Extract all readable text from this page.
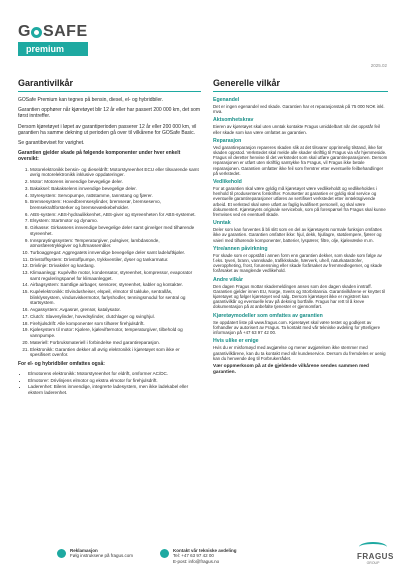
G SAFE
premium
2025.02
Garantivilkår

GOSafe Premium kan tegnes på bensin, diesel, el- og hybridbiler.

Garantien opphører når kjøretøyet blir 12 år eller har passert 200 000 km, det som først inntreffer.

Dersom kjøretøyet i løpet av garantiperioden passerer 12 år eller 200 000 km, vil garantien ha samme dekning ut perioden gå over til vilkårene for GOSafe Basic.

Se garantibeviset for varighet.

Garantien gjelder skade på følgende komponenter under hver enkelt oversikt:

1. Motorelektronikk bensin- og dieseldrift: Motorstyreenhet ECU eller tilsvarende samt øvrig motorelektronikk inklusive oppdateringer.
2. Motor: Motorens innvendige bevegelige deler.
3. Bakaksel: Bakakselens innvendige bevegelige deler.
4. Styresystem: Servopumpe, rattstamme, tannstang og fjærer.
5. Bremsesystem: Hovedbremsesylinder, bremserør, bremseservo, bremsekraftforsterker og bremsevæskebeholder.
6. ABS-system: ABS-hydraulikkenhet, ABS-giver og styreenheten for ABS-systemet.
7. Elsystem: Startmotor og dynamo.
8. Girkasse: Girkassens innvendige bevegelige deler samt girvelger med tilhørende styreenhet.
9. Innsprøytingssystem: Temperaturgiver, pulsgiver, lambdasonde, atmosfæretrykkgiver og luftmassemåler.
10. Turboaggregat: Aggregatets innvendige bevegelige deler samt ladeluftkjøler.
11. Drivstoffsystem: Drivstoffpumpe, trykkventiler, dyser og tankarmatur.
12. Drivlinje: Drivaksler og kardang.
13. Klimaanlegg: Kupévifte motor, kondensator, styreenhet, kompressor, evaporator samt reguleringspanel for klimaanlegget.
14. Airbagsystem: Samtlige airbager, sensorer, styreenhet, kabler og kontakter.
15. Kupéelektronikk: Elvindusheiser, elspeil, elmotor til taklukе, sentrallås, blinklyssystem, vindusviskermotor, farlyshodler, tenningsmodul for sentral og startsystem.
16. Avgassystem: Avgasrør, grenrør, katalysator.
17. Clutch: Slavesylinder, hovedsylinder, clutchlager og svinghjul.
18. Firehjulsdrift: Alle komponenter som tilhører firehjulsdrift.
19. Kjølesystem til motor: Kjølere, kjølevifternotor, temperaturgiver, tilbehold og vannpumpe.
20. Materiell: Forbruksmateriell i forbindelse med garantireparasjon.
21. Elektronikk: Garantien dekker all øvrig elektronikk i kjøretøyet som ikke er spesifisert ovenfor.

For el- og hybridbiler omfattes også:

• Elmotorens elektronikk: Motorstyreenhet for eldrift, omformer AC/DC.
• Elmotorer: Drivlinjens elmotor og ekstra elmotor for firehjulsdrift.
• Laderenhet: Bilens innvendige, integrerte ladesystem, men ikke ladekabel eller ekstern laderenhet.
Generelle vilkår
Egenandel

Det er ingen egenandel ved skade. Garantien har et reparasjonstak på 75 000 NOK inkl. mva.

Aktsomhetskrav

Eieren av kjøretøyet skal uten unntak kontakte Fragus umiddelbart når det oppstår feil eller skade som kan være omfattet av garantien.

Reparasjon

Ved garantireparasjon reparеres skaden slik at det tilsvarer opprinnelig tilstand, ikke før skaden oppstod. Verkstedet skal melde alle skader skriftlig til Fragus via vår hjemmeside. Fragus vil deretter henvise til det verkstedet som skal utføre garantireparasjonen. Dersom reparasjonen er utført uten skriftlig samtykke fra Fragus, vil Fragus ikke betale reparasjonen. Garantien omfatter ikke feil som fremtrer etter eventuelle feilbehandlinger på verkstedet.

Vedlikehold

For at garantien skal være gyldig må kjøretøyet være vedlikeholdt og vedlikeholdes i henhold til produsentens forskrifter. Forutsetter at garantien er gyldig skal service og eventuelle garantireparasjoner utføres av sertifisert verkstedet etter inntektsgivende arbeid. Et verksted skal være utført av faglig kvalifisert personell, og skal være dokumentert. Kjøretøyets originale servicebok, som på forespørsel fra Fragus skal kunne fremvises ved en eventuell skade.

Unntak

Deler som kan forventes å bli slitt som en del av kjøretøyets normale funksjon omfattes ikke av garantien. Garantien omfatter ikke: hjul, dekk, hjullagre, støtdempere, fjærer og vaieri med tilhørende komponenter, batterier, lyspærer, filtre, olje, kjølevæske m.m.

Ytre/annen påvirkning

For skade som er oppstått i annen form enn garantien dekker, som skade som følge av f.eks. tyveri, brann, vannskade, trafikkskade, hærverk, uhell, naturkatastrofer, overoppheting, frost, forurensning eller skade forårsaket av fremmedlegemer, og skade forårsaket av manglende vedlikehold.

Andre vilkår

Den dagen Fragus mottar skademeldingen anses som den dagen skaden inntraff. Garantien gjelder innen EU, Norge, Sveits og Storbritannia. Garantivilkårene er knyttet til kjøretøyet og følger kjøretøyet ved salg. Dersom kjøretøyet ikke er registrert kan garantivilkår og eventuelle krav på dekning bortfalle. Fragus har rett til å kreve dokumentasjon på at anbefalte tjenester er gjennomført.

Kjøretøymodeller som omfattes av garantien

Se oppdatert liste på www.fragus.com. Kjøretøyet skal være testet og godkjent av forhandler av autorisert av Fragus. Ta kontakt med vår tekniske avdeling for ytterligere informasjon på +47 63 97 42 00.

Hvis ulike er enige

Hvis du er misfornøyd med avgjørelse og mener avgjørelsen ikke stemmer med garantivilkårene, kan du ta kontakt med vår kundeservice. Dersom du fremdeles er uenig kan du henvende deg til Forbrukerrådet.

Vær oppmerksom på at de gjeldende vilkårene sendes sammen med garantien.

Reklamasjon
Følg instruksene på fragus.com
Kontakt vår tekniske avdeling
Tel: +47 63 97 42 00
E-post: info@fragus.no
FRAGUS
GROUP
